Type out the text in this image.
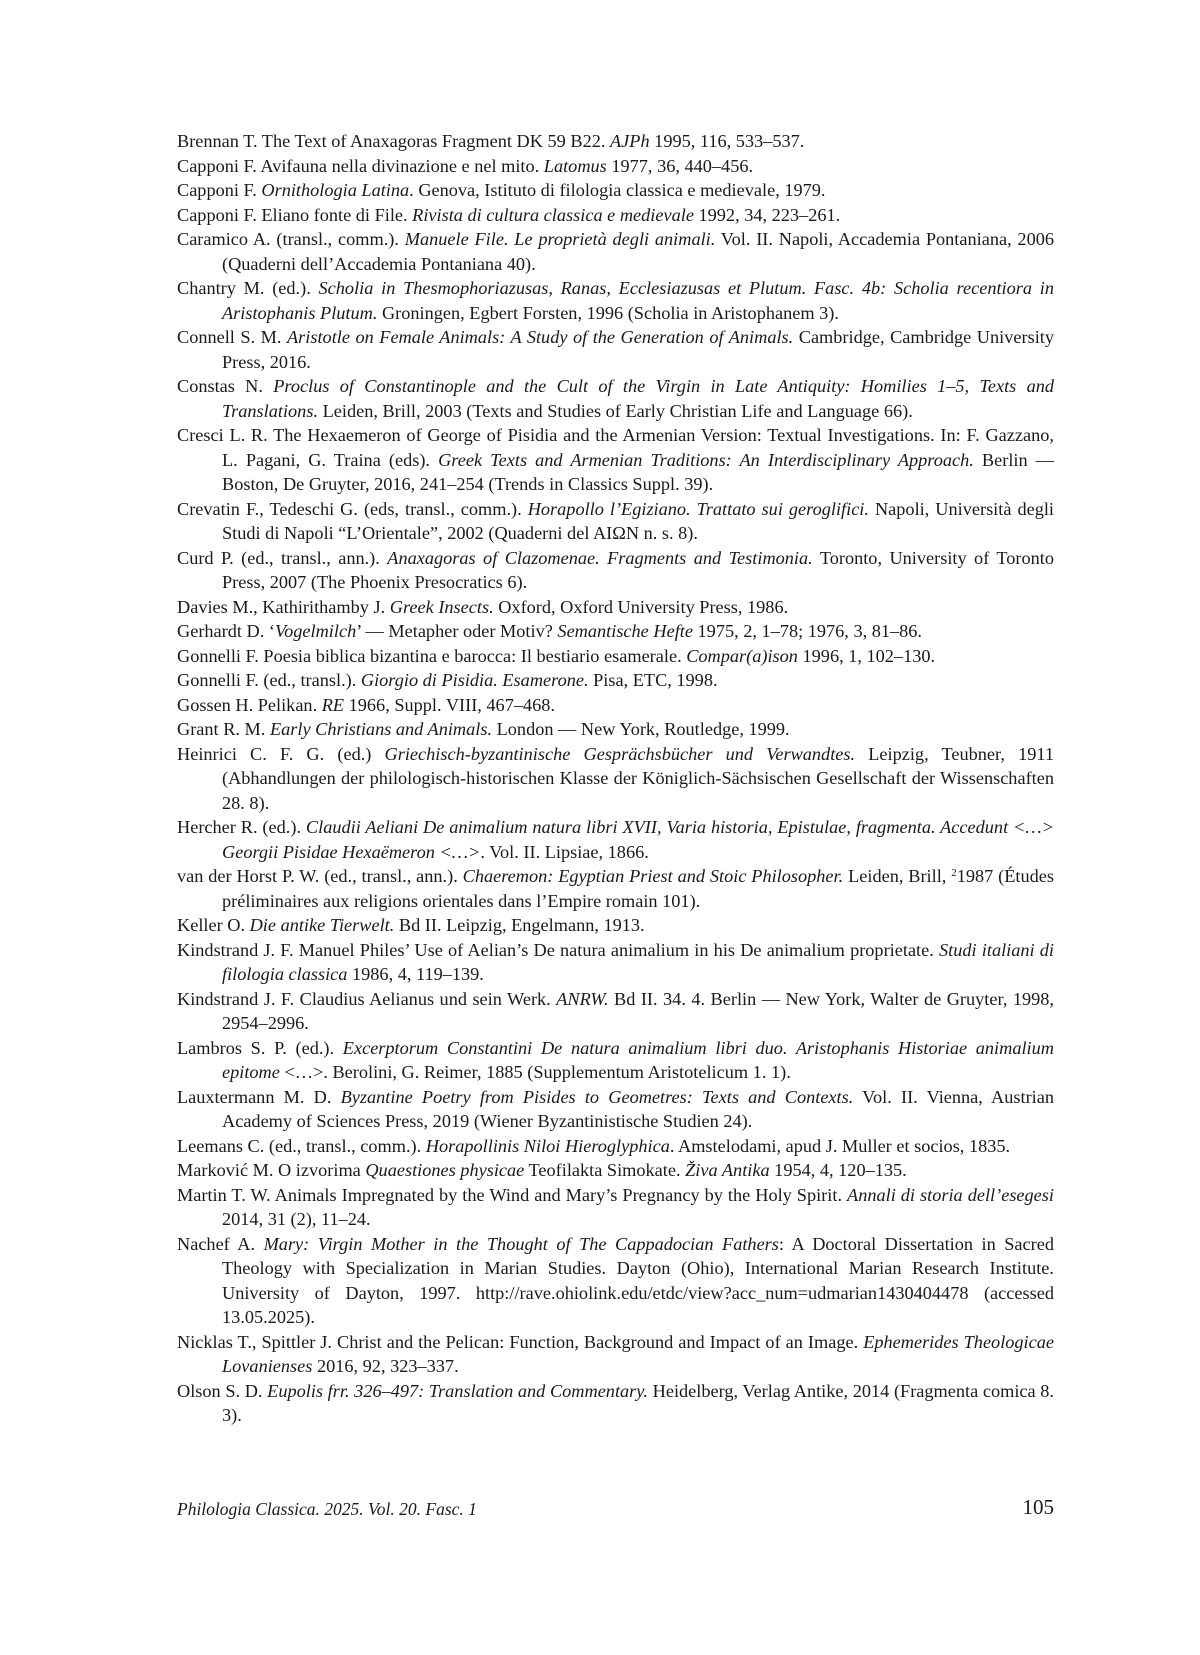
Brennan T. The Text of Anaxagoras Fragment DK 59 B22. AJPh 1995, 116, 533–537.

Capponi F. Avifauna nella divinazione e nel mito. Latomus 1977, 36, 440–456.

Capponi F. Ornithologia Latina. Genova, Istituto di filologia classica e medievale, 1979.

Capponi F. Eliano fonte di File. Rivista di cultura classica e medievale 1992, 34, 223–261.

Caramico A. (transl., comm.). Manuele File. Le proprietà degli animali. Vol. II. Napoli, Accademia Pontaniana, 2006 (Quaderni dell’Accademia Pontaniana 40).

Chantry M. (ed.). Scholia in Thesmophoriazusas, Ranas, Ecclesiazusas et Plutum. Fasc. 4b: Scholia recentiora in Aristophanis Plutum. Groningen, Egbert Forsten, 1996 (Scholia in Aristophanem 3).

Connell S. M. Aristotle on Female Animals: A Study of the Generation of Animals. Cambridge, Cambridge University Press, 2016.

Constas N. Proclus of Constantinople and the Cult of the Virgin in Late Antiquity: Homilies 1–5, Texts and Translations. Leiden, Brill, 2003 (Texts and Studies of Early Christian Life and Language 66).

Cresci L. R. The Hexaemeron of George of Pisidia and the Armenian Version: Textual Investigations. In: F. Gazzano, L. Pagani, G. Traina (eds). Greek Texts and Armenian Traditions: An Interdisciplinary Approach. Berlin — Boston, De Gruyter, 2016, 241–254 (Trends in Classics Suppl. 39).

Crevatin F., Tedeschi G. (eds, transl., comm.). Horapollo l’Egiziano. Trattato sui geroglifici. Napoli, Università degli Studi di Napoli “L’Orientale”, 2002 (Quaderni del AIΩN n. s. 8).

Curd P. (ed., transl., ann.). Anaxagoras of Clazomenae. Fragments and Testimonia. Toronto, University of Toronto Press, 2007 (The Phoenix Presocratics 6).

Davies M., Kathirithamby J. Greek Insects. Oxford, Oxford University Press, 1986.

Gerhardt D. ‘Vogelmilch’ — Metapher oder Motiv? Semantische Hefte 1975, 2, 1–78; 1976, 3, 81–86.

Gonnelli F. Poesia biblica bizantina e barocca: Il bestiario esamerale. Compar(a)ison 1996, 1, 102–130.

Gonnelli F. (ed., transl.). Giorgio di Pisidia. Esamerone. Pisa, ETC, 1998.

Gossen H. Pelikan. RE 1966, Suppl. VIII, 467–468.

Grant R. M. Early Christians and Animals. London — New York, Routledge, 1999.

Heinrici C. F. G. (ed.) Griechisch-byzantinische Gesprächsbücher und Verwandtes. Leipzig, Teubner, 1911 (Abhandlungen der philologisch-historischen Klasse der Königlich-Sächsischen Gesellschaft der Wissenschaften 28. 8).

Hercher R. (ed.). Claudii Aeliani De animalium natura libri XVII, Varia historia, Epistulae, fragmenta. Accedunt <…> Georgii Pisidae Hexaëmeron <…>. Vol. II. Lipsiae, 1866.

van der Horst P. W. (ed., transl., ann.). Chaeremon: Egyptian Priest and Stoic Philosopher. Leiden, Brill, $^2$1987 (Études préliminaires aux religions orientales dans l’Empire romain 101).

Keller O. Die antike Tierwelt. Bd II. Leipzig, Engelmann, 1913.

Kindstrand J. F. Manuel Philes’ Use of Aelian’s De natura animalium in his De animalium proprietate. Studi italiani di filologia classica 1986, 4, 119–139.

Kindstrand J. F. Claudius Aelianus und sein Werk. ANRW. Bd II. 34. 4. Berlin — New York, Walter de Gruyter, 1998, 2954–2996.

Lambros S. P. (ed.). Excerptorum Constantini De natura animalium libri duo. Aristophanis Historiae animalium epitome <…>. Berolini, G. Reimer, 1885 (Supplementum Aristotelicum 1. 1).

Lauxtermann M. D. Byzantine Poetry from Pisides to Geometres: Texts and Contexts. Vol. II. Vienna, Austrian Academy of Sciences Press, 2019 (Wiener Byzantinistische Studien 24).

Leemans C. (ed., transl., comm.). Horapollinis Niloi Hieroglyphica. Amstelodami, apud J. Muller et socios, 1835.

Marković M. O izvorima Quaestiones physicae Teofilakta Simokate. Živa Antika 1954, 4, 120–135.

Martin T. W. Animals Impregnated by the Wind and Mary’s Pregnancy by the Holy Spirit. Annali di storia dell’esegesi 2014, 31 (2), 11–24.

Nachef A. Mary: Virgin Mother in the Thought of The Cappadocian Fathers: A Doctoral Dissertation in Sacred Theology with Specialization in Marian Studies. Dayton (Ohio), International Marian Research Institute. University of Dayton, 1997. http://rave.ohiolink.edu/etdc/view?acc_num=udmarian1430404478 (accessed 13.05.2025).

Nicklas T., Spittler J. Christ and the Pelican: Function, Background and Impact of an Image. Ephemerides Theologicae Lovanienses 2016, 92, 323–337.

Olson S. D. Eupolis frr. 326–497: Translation and Commentary. Heidelberg, Verlag Antike, 2014 (Fragmenta comica 8. 3).

Philologia Classica. 2025. Vol. 20. Fasc. 1	105
